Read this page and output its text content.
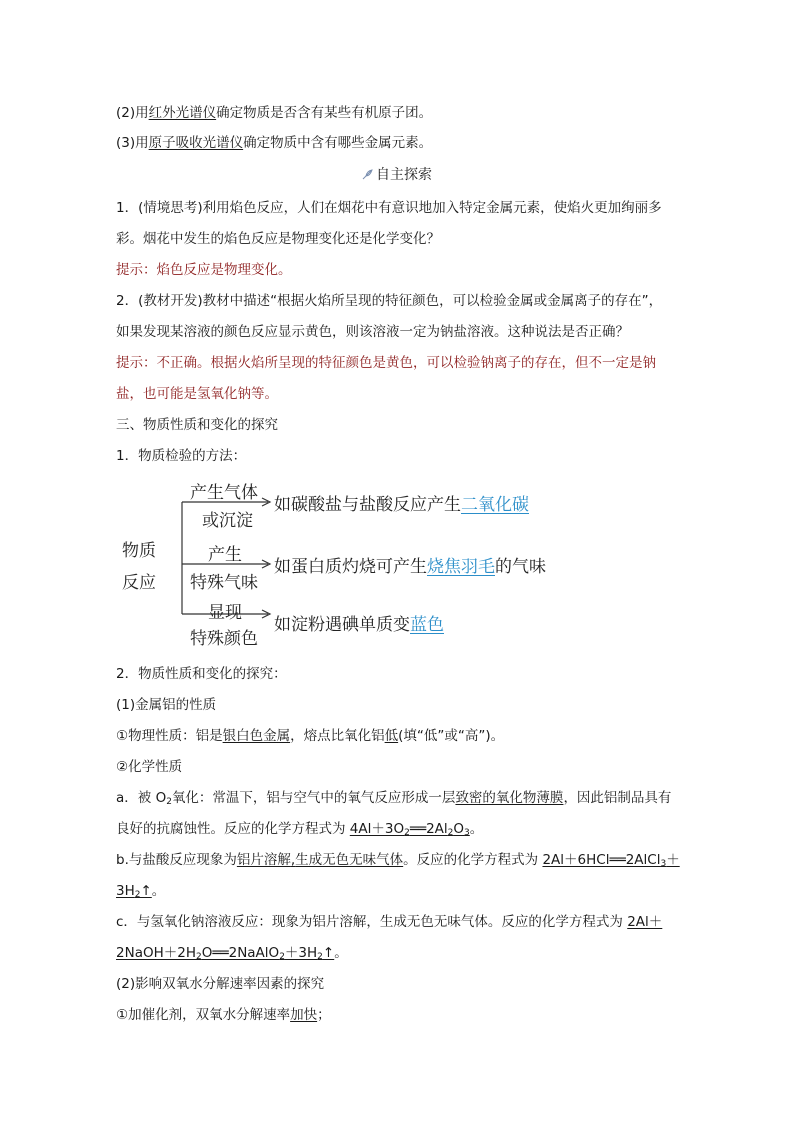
(2)用红外光谱仪确定物质是否含有某些有机原子团。
(3)用原子吸收光谱仪确定物质中含有哪些金属元素。
自主探索
1．(情境思考)利用焰色反应，人们在烟花中有意识地加入特定金属元素，使焰火更加绚丽多
彩。烟花中发生的焰色反应是物理变化还是化学变化？
提示：焰色反应是物理变化。
2．(教材开发)教材中描述“根据火焰所呈现的特征颜色，可以检验金属或金属离子的存在”，
如果发现某溶液的颜色反应显示黄色，则该溶液一定为钠盐溶液。这种说法是否正确？
提示：不正确。根据火焰所呈现的特征颜色是黄色，可以检验钠离子的存在，但不一定是钠
盐，也可能是氢氧化钠等。
三、物质性质和变化的探究
1．物质检验的方法：
物质
反应
产生气体
或沉淀
产生
特殊气味
显现
特殊颜色
如碳酸盐与盐酸反应产生二氧化碳
如蛋白质灼烧可产生烧焦羽毛的气味
如淀粉遇碘单质变蓝色
2．物质性质和变化的探究：
(1)金属铝的性质
①物理性质：铝是银白色金属，熔点比氧化铝低(填“低”或“高”)。
②化学性质
a．被 $O_2$氧化：常温下，铝与空气中的氧气反应形成一层致密的氧化物薄膜，因此铝制品具有
良好的抗腐蚀性。反应的化学方程式为 $4Al+3O_2══2Al_2O_3$。
b.与盐酸反应现象为铝片溶解,生成无色无味气体。反应的化学方程式为 2Al＋6HCl══2AlCl$_3$＋
$3H_2↑$。
c．与氢氧化钠溶液反应：现象为铝片溶解，生成无色无味气体。反应的化学方程式为 2Al＋
$2NaOH+2H_2O══2NaAlO_2+3H_2↑$。
(2)影响双氧水分解速率因素的探究
①加催化剂，双氧水分解速率加快；
